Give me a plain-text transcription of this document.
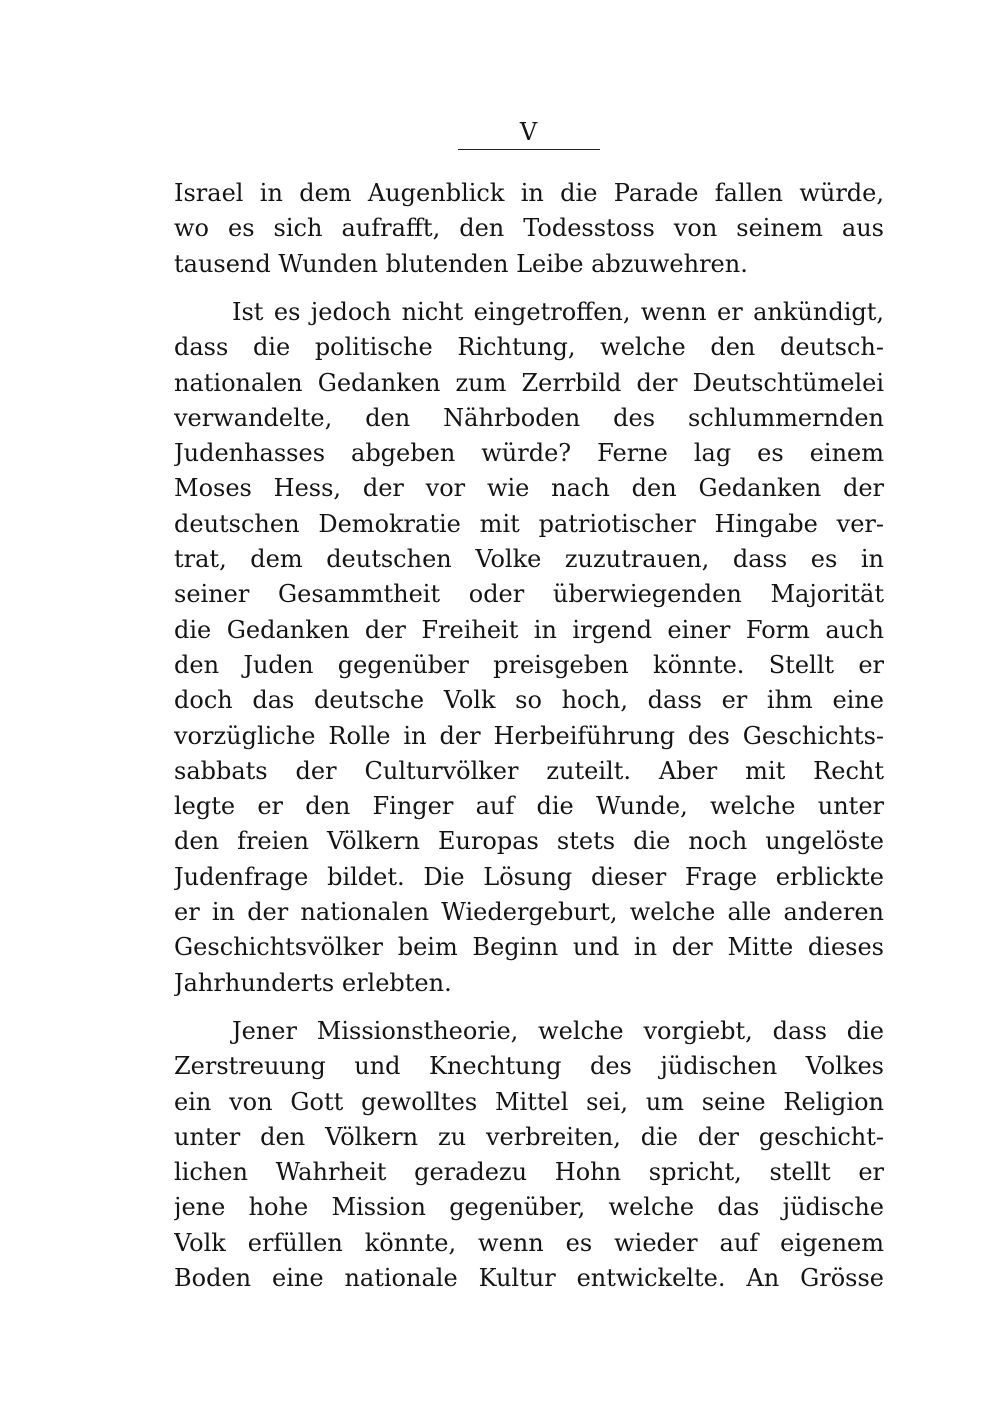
V
Israel in dem Augenblick in die Parade fallen würde,
wo es sich aufrafft, den Todesstoss von seinem aus
tausend Wunden blutenden Leibe abzuwehren.
Ist es jedoch nicht eingetroffen, wenn er ankündigt,
dass die politische Richtung, welche den deutsch-
nationalen Gedanken zum Zerrbild der Deutschtümelei
verwandelte, den Nährboden des schlummernden
Judenhasses abgeben würde? Ferne lag es einem
Moses Hess, der vor wie nach den Gedanken der
deutschen Demokratie mit patriotischer Hingabe ver-
trat, dem deutschen Volke zuzutrauen, dass es in
seiner Gesammtheit oder überwiegenden Majorität
die Gedanken der Freiheit in irgend einer Form auch
den Juden gegenüber preisgeben könnte. Stellt er
doch das deutsche Volk so hoch, dass er ihm eine
vorzügliche Rolle in der Herbeiführung des Geschichts-
sabbats der Culturvölker zuteilt. Aber mit Recht
legte er den Finger auf die Wunde, welche unter
den freien Völkern Europas stets die noch ungelöste
Judenfrage bildet. Die Lösung dieser Frage erblickte
er in der nationalen Wiedergeburt, welche alle anderen
Geschichtsvölker beim Beginn und in der Mitte dieses
Jahrhunderts erlebten.
Jener Missionstheorie, welche vorgiebt, dass die
Zerstreuung und Knechtung des jüdischen Volkes
ein von Gott gewolltes Mittel sei, um seine Religion
unter den Völkern zu verbreiten, die der geschicht-
lichen Wahrheit geradezu Hohn spricht, stellt er
jene hohe Mission gegenüber, welche das jüdische
Volk erfüllen könnte, wenn es wieder auf eigenem
Boden eine nationale Kultur entwickelte. An Grösse
